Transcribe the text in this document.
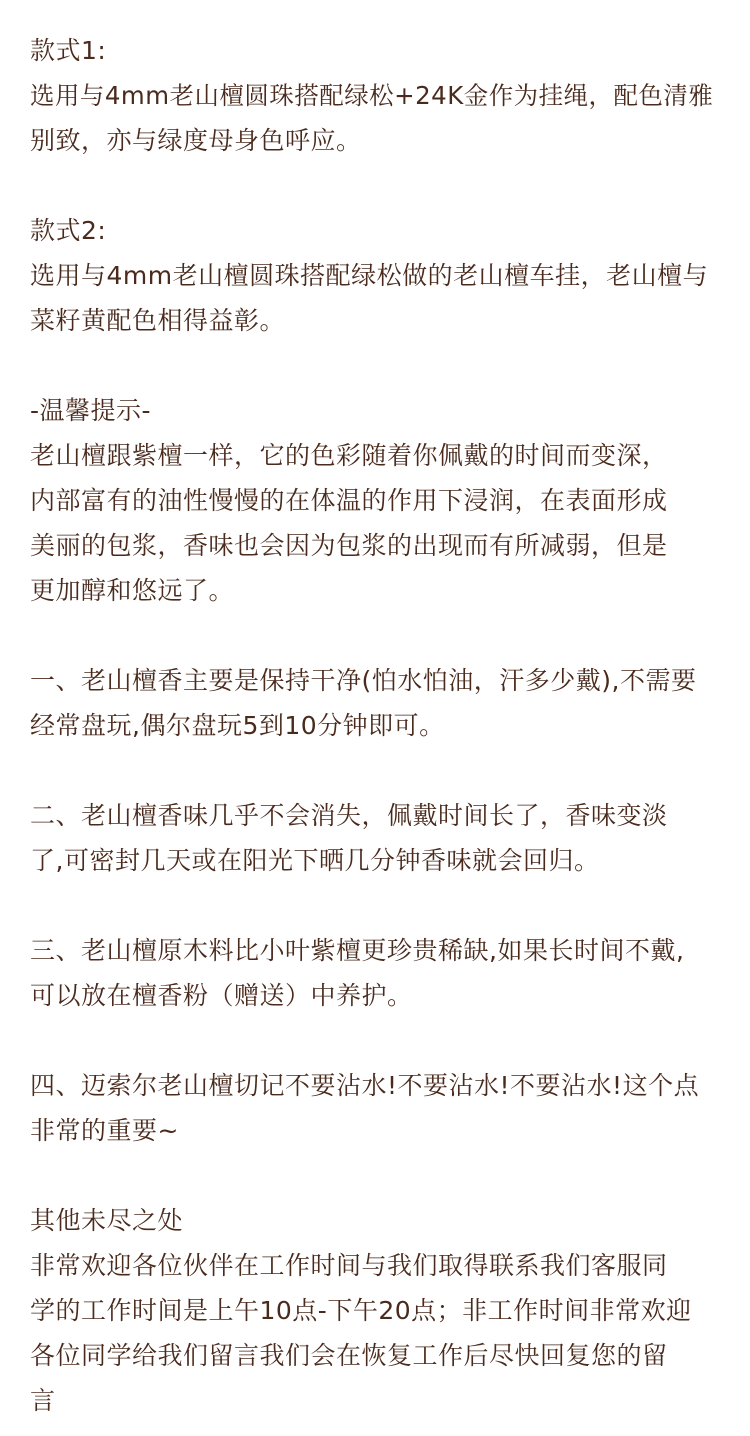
款式1:
选用与4mm老山檀圆珠搭配绿松+24K金作为挂绳，配色清雅
别致，亦与绿度母身色呼应。
款式2:
选用与4mm老山檀圆珠搭配绿松做的老山檀车挂，老山檀与
菜籽黄配色相得益彰。
-温馨提示-
老山檀跟紫檀一样，它的色彩随着你佩戴的时间而变深，
内部富有的油性慢慢的在体温的作用下浸润，在表面形成
美丽的包浆，香味也会因为包浆的出现而有所减弱，但是
更加醇和悠远了。
一、老山檀香主要是保持干净(怕水怕油，汗多少戴),不需要
经常盘玩,偶尔盘玩5到10分钟即可。
二、老山檀香味几乎不会消失，佩戴时间长了，香味变淡
了,可密封几天或在阳光下晒几分钟香味就会回归。
三、老山檀原木料比小叶紫檀更珍贵稀缺,如果长时间不戴,
可以放在檀香粉（赠送）中养护。
四、迈索尔老山檀切记不要沾水!不要沾水!不要沾水!这个点
非常的重要~
其他未尽之处
非常欢迎各位伙伴在工作时间与我们取得联系我们客服同
学的工作时间是上午10点-下午20点；非工作时间非常欢迎
各位同学给我们留言我们会在恢复工作后尽快回复您的留
言
